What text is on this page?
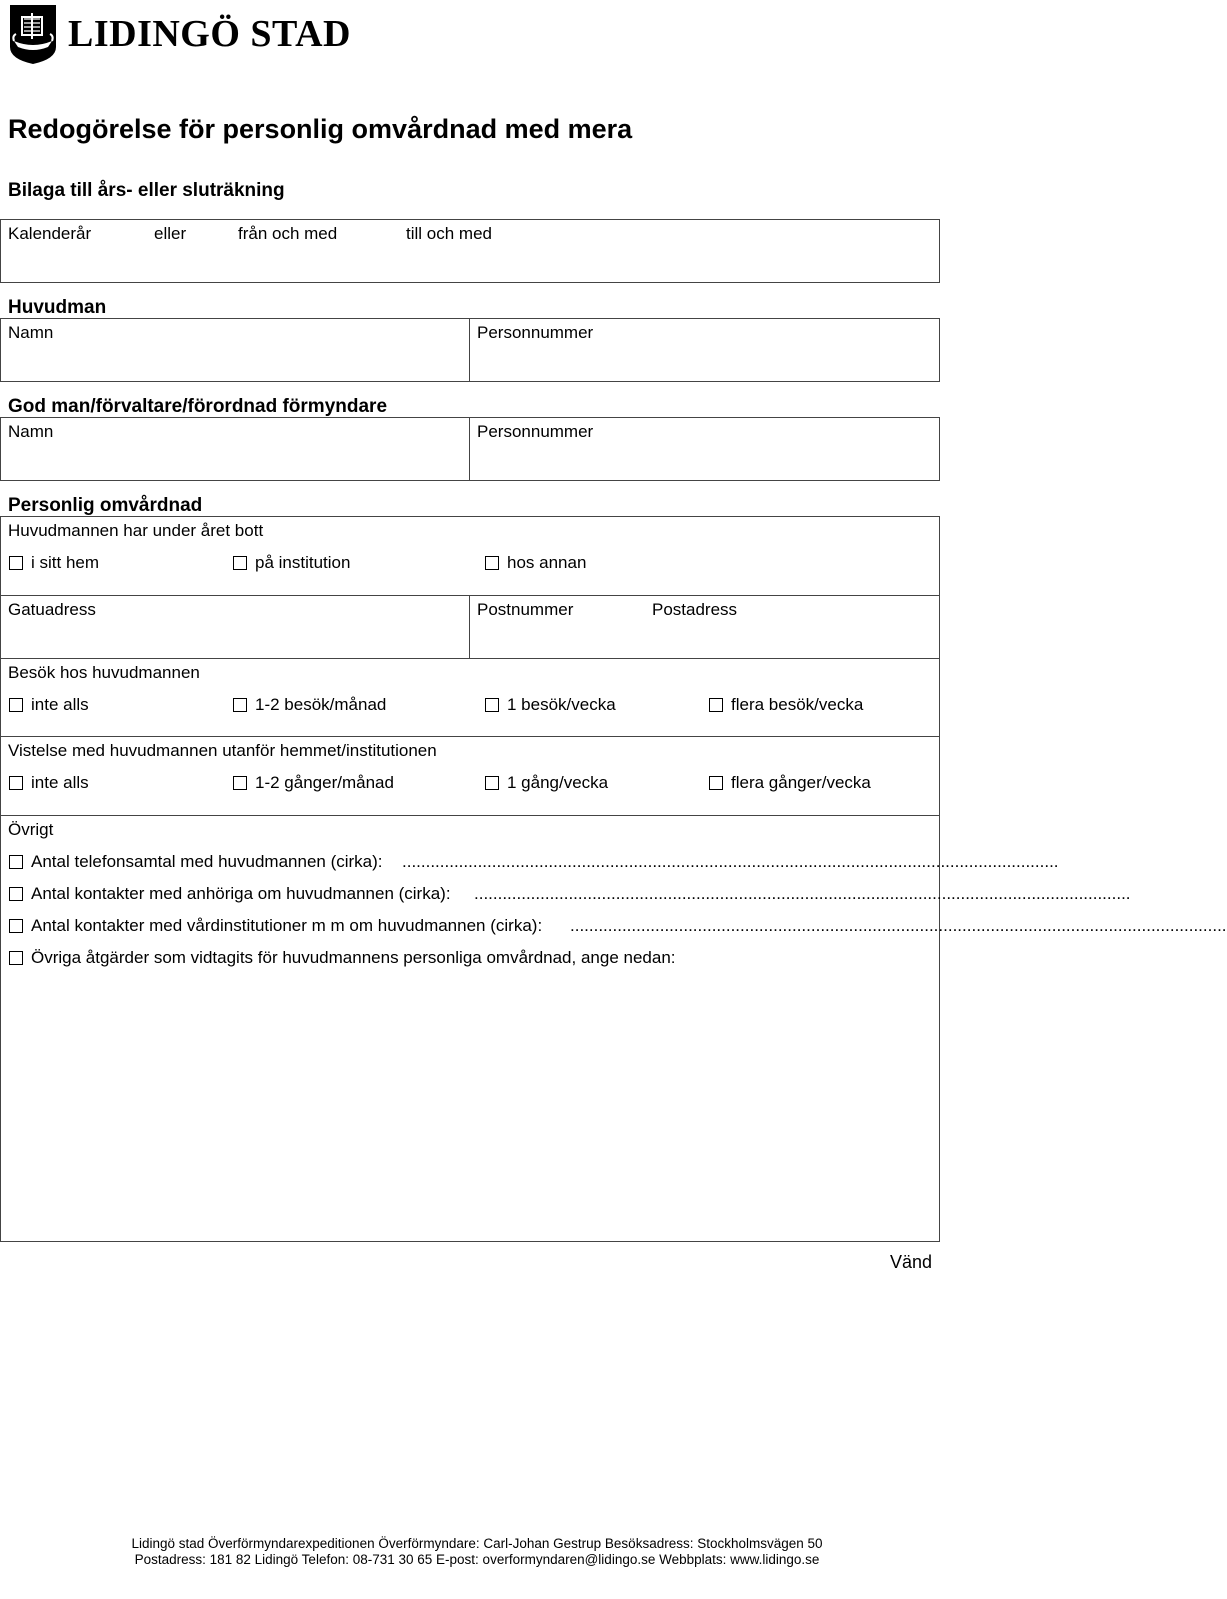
LIDINGÖ STAD
Redogörelse för personlig omvårdnad med mera
Bilaga till års- eller sluträkning
Kalenderår	eller	från och med	till och med
Huvudman
Namn	Personnummer
God man/förvaltare/förordnad förmyndare
Namn	Personnummer
Personlig omvårdnad
Huvudmannen har under året bott
i sitt hem	på institution	hos annan
Gatuadress	Postnummer	Postadress
Besök hos huvudmannen
inte alls	1-2 besök/månad	1 besök/vecka	flera besök/vecka
Vistelse med huvudmannen utanför hemmet/institutionen
inte alls	1-2 gånger/månad	1 gång/vecka	flera gånger/vecka
Övrigt
Antal telefonsamtal med huvudmannen (cirka): ...........................................................................................................................................
Antal kontakter med anhöriga om huvudmannen (cirka): ...........................................................................................................................................
Antal kontakter med vårdinstitutioner m m om huvudmannen (cirka): ...........................................................................................................................................
Övriga åtgärder som vidtagits för huvudmannens personliga omvårdnad, ange nedan:
Vänd
Lidingö stad Överförmyndarexpeditionen Överförmyndare: Carl-Johan Gestrup Besöksadress: Stockholmsvägen 50
Postadress: 181 82 Lidingö Telefon: 08-731 30 65 E-post: overformyndaren@lidingo.se Webbplats: www.lidingo.se
